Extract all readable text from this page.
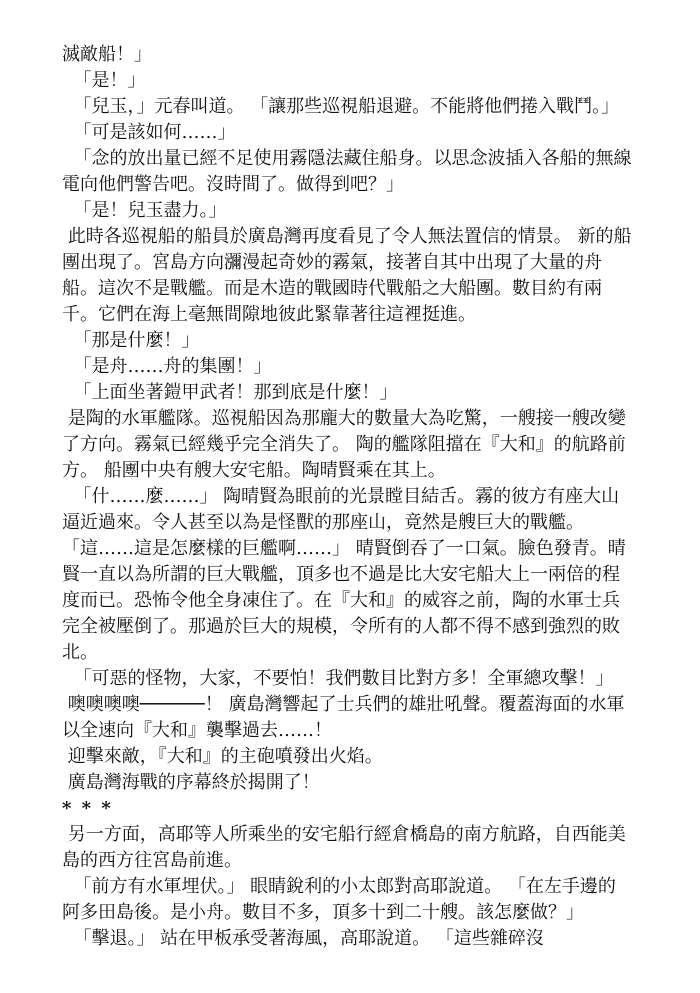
滅敵船！」

「是！」

「兒玉，」元春叫道。 「讓那些巡視船退避。不能將他們捲入戰鬥。」

「可是該如何……」

「念的放出量已經不足使用霧隱法藏住船身。以思念波插入各船的無線電向他們警告吧。沒時間了。做得到吧？」

「是！兒玉盡力。」

此時各巡視船的船員於廣島灣再度看見了令人無法置信的情景。 新的船團出現了。宮島方向瀰漫起奇妙的霧氣，接著自其中出現了大量的舟船。這次不是戰艦。而是木造的戰國時代戰船之大船團。數目約有兩千。它們在海上毫無間隙地彼此緊靠著往這裡挺進。

「那是什麼！」

「是舟……舟的集團！」

「上面坐著鎧甲武者！那到底是什麼！」

是陶的水軍艦隊。巡視船因為那龐大的數量大為吃驚，一艘接一艘改變了方向。霧氣已經幾乎完全消失了。 陶的艦隊阻擋在『大和』的航路前方。 船團中央有艘大安宅船。陶晴賢乘在其上。

「什……麼……」 陶晴賢為眼前的光景瞠目結舌。霧的彼方有座大山逼近過來。令人甚至以為是怪獸的那座山，竟然是艘巨大的戰艦。 「這……這是怎麼樣的巨艦啊……」 晴賢倒吞了一口氣。臉色發青。晴賢一直以為所謂的巨大戰艦，頂多也不過是比大安宅船大上一兩倍的程度而已。恐怖令他全身凍住了。在『大和』的威容之前，陶的水軍士兵完全被壓倒了。那過於巨大的規模，令所有的人都不得不感到強烈的敗北。

「可惡的怪物，大家，不要怕！我們數目比對方多！全軍總攻擊！」

噢噢噢噢──────！ 廣島灣響起了士兵們的雄壯吼聲。覆蓋海面的水軍以全速向『大和』襲擊過去……！

迎擊來敵，『大和』的主砲噴發出火焰。

廣島灣海戰的序幕終於揭開了！

* * *

另一方面，高耶等人所乘坐的安宅船行經倉橋島的南方航路，自西能美島的西方往宮島前進。

「前方有水軍埋伏。」 眼睛銳利的小太郎對高耶說道。 「在左手邊的阿多田島後。是小舟。數目不多，頂多十到二十艘。該怎麼做？」

「擊退。」 站在甲板承受著海風，高耶說道。 「這些雜碎沒
